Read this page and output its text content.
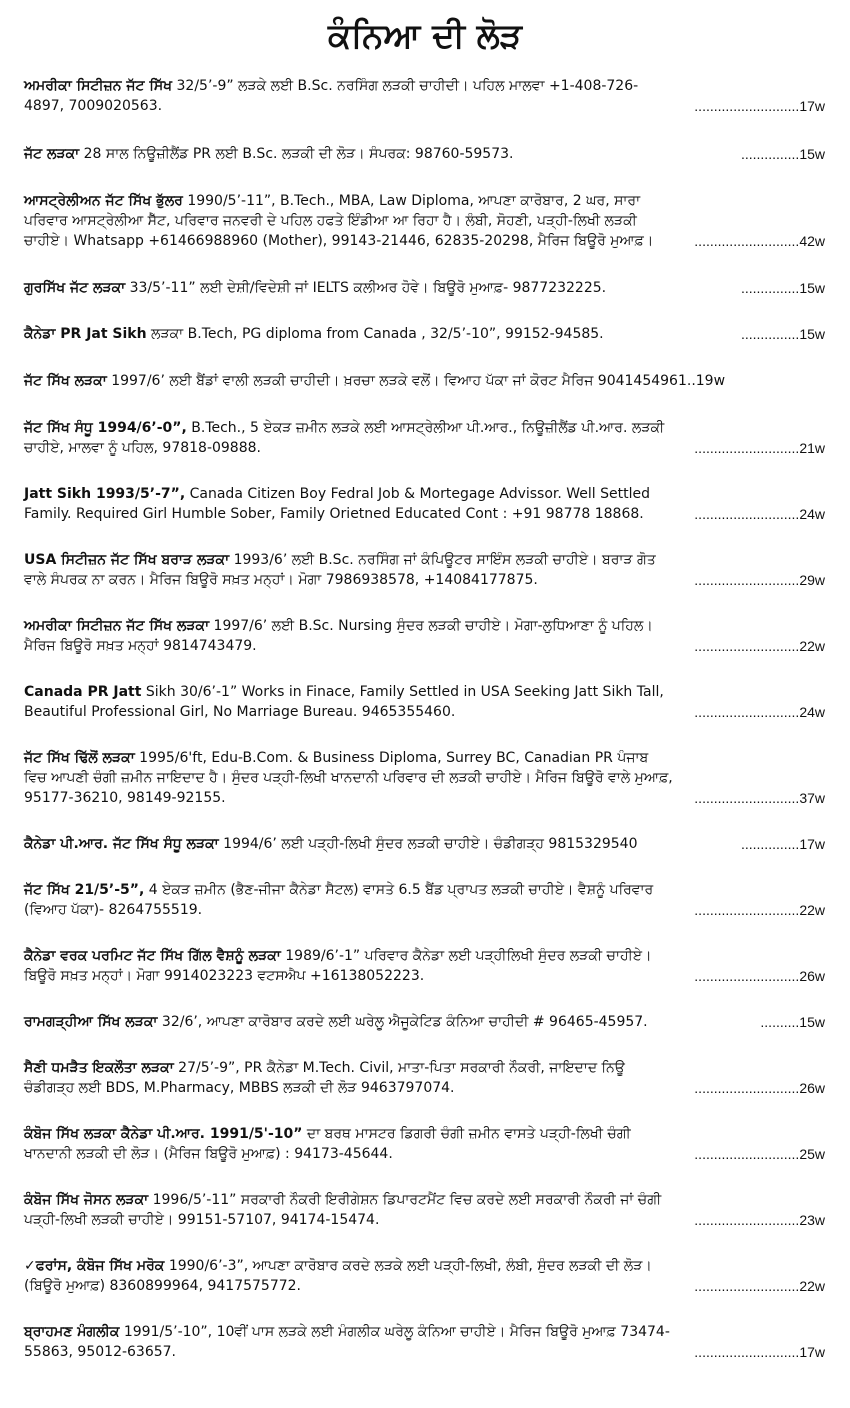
ਕੰਨਿਆ ਦੀ ਲੋੜ
ਅਮਰੀਕਾ ਸਿਟੀਜ਼ਨ ਜੱਟ ਸਿੱਖ 32/5’-9” ਲੜਕੇ ਲਈ B.Sc. ਨਰਸਿੰਗ ਲੜਕੀ ਚਾਹੀਦੀ। ਪਹਿਲ ਮਾਲਵਾ +1-408-726-4897, 7009020563.	...........................17w
ਜੱਟ ਲੜਕਾ 28 ਸਾਲ ਨਿਊਜ਼ੀਲੈਂਡ PR ਲਈ B.Sc. ਲੜਕੀ ਦੀ ਲੋੜ। ਸੰਪਰਕ: 98760-59573.	...............15w
ਆਸਟ੍ਰੇਲੀਅਨ ਜੱਟ ਸਿੱਖ ਭੁੱਲਰ 1990/5’-11”, B.Tech., MBA, Law Diploma, ਆਪਣਾ ਕਾਰੋਬਾਰ, 2 ਘਰ, ਸਾਰਾ ਪਰਿਵਾਰ ਆਸਟ੍ਰੇਲੀਆ ਸੈੱਟ, ਪਰਿਵਾਰ ਜਨਵਰੀ ਦੇ ਪਹਿਲ ਹਫਤੇ ਇੰਡੀਆ ਆ ਰਿਹਾ ਹੈ। ਲੰਬੀ, ਸੋਹਣੀ, ਪੜ੍ਹੀ-ਲਿਖੀ ਲੜਕੀ ਚਾਹੀਏ। Whatsapp +61466988960 (Mother), 99143-21446, 62835-20298, ਮੈਰਿਜ ਬਿਊਰੋ ਮੁਆਫ਼।	...........................42w
ਗੁਰਸਿੱਖ ਜੱਟ ਲੜਕਾ 33/5’-11” ਲਈ ਦੇਸ਼ੀ/ਵਿਦੇਸ਼ੀ ਜਾਂ IELTS ਕਲੀਅਰ ਹੋਵੇ। ਬਿਊਰੋ ਮੁਆਫ਼- 9877232225.	...............15w
ਕੈਨੇਡਾ PR Jat Sikh ਲੜਕਾ B.Tech, PG diploma from Canada , 32/5’-10”, 99152-94585.	...............15w
ਜੱਟ ਸਿੱਖ ਲੜਕਾ 1997/6’ ਲਈ ਬੈਂਡਾਂ ਵਾਲੀ ਲੜਕੀ ਚਾਹੀਦੀ। ਖ਼ਰਚਾ ਲੜਕੇ ਵਲੋਂ। ਵਿਆਹ ਪੱਕਾ ਜਾਂ ਕੋਰਟ ਮੈਰਿਜ 9041454961..19w
ਜੱਟ ਸਿੱਖ ਸੰਧੂ 1994/6’-0”, B.Tech., 5 ਏਕੜ ਜ਼ਮੀਨ ਲੜਕੇ ਲਈ ਆਸਟ੍ਰੇਲੀਆ ਪੀ.ਆਰ., ਨਿਊਜ਼ੀਲੈਂਡ ਪੀ.ਆਰ. ਲੜਕੀ ਚਾਹੀਏ, ਮਾਲਵਾ ਨੂੰ ਪਹਿਲ, 97818-09888.	...........................21w
Jatt Sikh 1993/5’-7”, Canada Citizen Boy Fedral Job & Mortegage Advissor. Well Settled Family. Required Girl Humble Sober, Family Orietned Educated Cont : +91 98778 18868.	...........................24w
USA ਸਿਟੀਜ਼ਨ ਜੱਟ ਸਿੱਖ ਬਰਾੜ ਲੜਕਾ 1993/6’ ਲਈ B.Sc. ਨਰਸਿੰਗ ਜਾਂ ਕੰਪਿਊਟਰ ਸਾਇੰਸ ਲੜਕੀ ਚਾਹੀਏ। ਬਰਾੜ ਗੋਤ ਵਾਲੇ ਸੰਪਰਕ ਨਾ ਕਰਨ। ਮੈਰਿਜ ਬਿਊਰੋ ਸਖ਼ਤ ਮਨ੍ਹਾਂ। ਮੋਗਾ 7986938578, +14084177875.	...........................29w
ਅਮਰੀਕਾ ਸਿਟੀਜ਼ਨ ਜੱਟ ਸਿੱਖ ਲੜਕਾ 1997/6’ ਲਈ B.Sc. Nursing ਸੁੰਦਰ ਲੜਕੀ ਚਾਹੀਏ। ਮੋਗਾ-ਲੁਧਿਆਣਾ ਨੂੰ ਪਹਿਲ। ਮੈਰਿਜ ਬਿਊਰੋ ਸਖ਼ਤ ਮਨ੍ਹਾਂ 9814743479.	...........................22w
Canada PR Jatt Sikh 30/6’-1” Works in Finace, Family Settled in USA Seeking Jatt Sikh Tall, Beautiful Professional Girl, No Marriage Bureau. 9465355460.	...........................24w
ਜੱਟ ਸਿੱਖ ਢਿੱਲੋਂ ਲੜਕਾ 1995/6'ft, Edu-B.Com. & Business Diploma, Surrey BC, Canadian PR ਪੰਜਾਬ ਵਿਚ ਆਪਣੀ ਚੰਗੀ ਜ਼ਮੀਨ ਜਾਇਦਾਦ ਹੈ। ਸੁੰਦਰ ਪੜ੍ਹੀ-ਲਿਖੀ ਖਾਨਦਾਨੀ ਪਰਿਵਾਰ ਦੀ ਲੜਕੀ ਚਾਹੀਏ। ਮੈਰਿਜ ਬਿਊਰੋ ਵਾਲੇ ਮੁਆਫ਼, 95177-36210, 98149-92155.	...........................37w
ਕੈਨੇਡਾ ਪੀ.ਆਰ. ਜੱਟ ਸਿੱਖ ਸੰਧੂ ਲੜਕਾ 1994/6’ ਲਈ ਪੜ੍ਹੀ-ਲਿਖੀ ਸੁੰਦਰ ਲੜਕੀ ਚਾਹੀਏ। ਚੰਡੀਗੜ੍ਹ 9815329540	...............17w
ਜੱਟ ਸਿੱਖ 21/5’-5”, 4 ਏਕੜ ਜ਼ਮੀਨ (ਭੈਣ-ਜੀਜਾ ਕੈਨੇਡਾ ਸੈਟਲ) ਵਾਸਤੇ 6.5 ਬੈਂਡ ਪ੍ਰਾਪਤ ਲੜਕੀ ਚਾਹੀਏ। ਵੈਸ਼ਨੂੰ ਪਰਿਵਾਰ (ਵਿਆਹ ਪੱਕਾ)- 8264755519.	...........................22w
ਕੈਨੇਡਾ ਵਰਕ ਪਰਮਿਟ ਜੱਟ ਸਿੱਖ ਗਿੱਲ ਵੈਸ਼ਨੂੰ ਲੜਕਾ 1989/6’-1” ਪਰਿਵਾਰ ਕੈਨੇਡਾ ਲਈ ਪੜ੍ਹੀਲਿਖੀ ਸੁੰਦਰ ਲੜਕੀ ਚਾਹੀਏ। ਬਿਊਰੋ ਸਖ਼ਤ ਮਨ੍ਹਾਂ। ਮੋਗਾ 9914023223 ਵਟਸਐਪ +16138052223.	...........................26w
ਰਾਮਗੜ੍ਹੀਆ ਸਿੱਖ ਲੜਕਾ 32/6’, ਆਪਣਾ ਕਾਰੋਬਾਰ ਕਰਦੇ ਲਈ ਘਰੇਲੂ ਐਜੂਕੇਟਿਡ ਕੰਨਿਆ ਚਾਹੀਦੀ # 96465-45957.	..........15w
ਸੈਣੀ ਧਮੜੈਤ ਇਕਲੌਤਾ ਲੜਕਾ 27/5’-9”, PR ਕੈਨੇਡਾ M.Tech. Civil, ਮਾਤਾ-ਪਿਤਾ ਸਰਕਾਰੀ ਨੌਕਰੀ, ਜਾਇਦਾਦ ਨਿਊ ਚੰਡੀਗੜ੍ਹ ਲਈ BDS, M.Pharmacy, MBBS ਲੜਕੀ ਦੀ ਲੋੜ 9463797074.	...........................26w
ਕੰਬੋਜ ਸਿੱਖ ਲੜਕਾ ਕੈਨੇਡਾ ਪੀ.ਆਰ. 1991/5'-10” ਦਾ ਬਰਥ ਮਾਸਟਰ ਡਿਗਰੀ ਚੰਗੀ ਜ਼ਮੀਨ ਵਾਸਤੇ ਪੜ੍ਹੀ-ਲਿਖੀ ਚੰਗੀ ਖਾਨਦਾਨੀ ਲੜਕੀ ਦੀ ਲੋੜ। (ਮੈਰਿਜ ਬਿਊਰੋ ਮੁਆਫ਼) : 94173-45644.	...........................25w
ਕੰਬੋਜ ਸਿੱਖ ਜੋਸਨ ਲੜਕਾ 1996/5’-11” ਸਰਕਾਰੀ ਨੌਕਰੀ ਇਰੀਗੇਸ਼ਨ ਡਿਪਾਰਟਮੈਂਟ ਵਿਚ ਕਰਦੇ ਲਈ ਸਰਕਾਰੀ ਨੌਕਰੀ ਜਾਂ ਚੰਗੀ ਪੜ੍ਹੀ-ਲਿਖੀ ਲੜਕੀ ਚਾਹੀਏ। 99151-57107, 94174-15474.	...........................23w
✓ਫਰਾਂਸ, ਕੰਬੋਜ ਸਿੱਖ ਮਰੋਕ 1990/6’-3”, ਆਪਣਾ ਕਾਰੋਬਾਰ ਕਰਦੇ ਲੜਕੇ ਲਈ ਪੜ੍ਹੀ-ਲਿਖੀ, ਲੰਬੀ, ਸੁੰਦਰ ਲੜਕੀ ਦੀ ਲੋੜ। (ਬਿਊਰੋ ਮੁਆਫ਼) 8360899964, 9417575772.	...........................22w
ਬ੍ਰਾਹਮਣ ਮੰਗਲੀਕ 1991/5’-10”, 10ਵੀਂ ਪਾਸ ਲੜਕੇ ਲਈ ਮੰਗਲੀਕ ਘਰੇਲੂ ਕੰਨਿਆ ਚਾਹੀਏ। ਮੈਰਿਜ ਬਿਊਰੋ ਮੁਆਫ਼ 73474-55863, 95012-63657.	...........................17w
